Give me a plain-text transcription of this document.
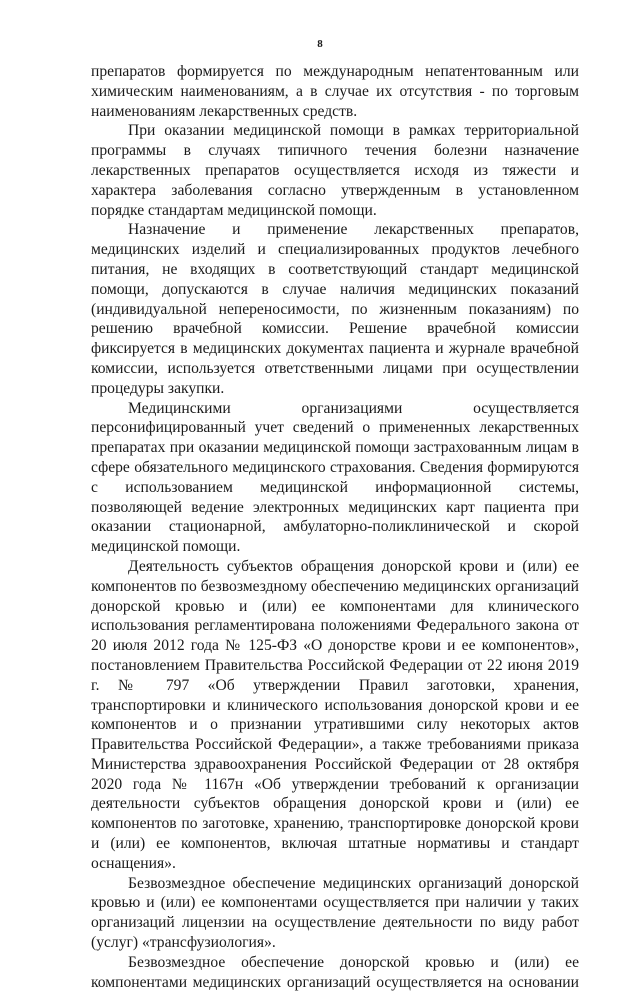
8

препаратов формируется по международным непатентованным или химическим наименованиям, а в случае их отсутствия - по торговым наименованиям лекарственных средств.

При оказании медицинской помощи в рамках территориальной программы в случаях типичного течения болезни назначение лекарственных препаратов осуществляется исходя из тяжести и характера заболевания согласно утвержденным в установленном порядке стандартам медицинской помощи.

Назначение и применение лекарственных препаратов, медицинских изделий и специализированных продуктов лечебного питания, не входящих в соответствующий стандарт медицинской помощи, допускаются в случае наличия медицинских показаний (индивидуальной непереносимости, по жизненным показаниям) по решению врачебной комиссии. Решение врачебной комиссии фиксируется в медицинских документах пациента и журнале врачебной комиссии, используется ответственными лицами при осуществлении процедуры закупки.

Медицинскими организациями осуществляется персонифицированный учет сведений о примененных лекарственных препаратах при оказании медицинской помощи застрахованным лицам в сфере обязательного медицинского страхования. Сведения формируются с использованием медицинской информационной системы, позволяющей ведение электронных медицинских карт пациента при оказании стационарной, амбулаторно-поликлинической и скорой медицинской помощи.

Деятельность субъектов обращения донорской крови и (или) ее компонентов по безвозмездному обеспечению медицинских организаций донорской кровью и (или) ее компонентами для клинического использования регламентирована положениями Федерального закона от 20 июля 2012 года № 125-ФЗ «О донорстве крови и ее компонентов», постановлением Правительства Российской Федерации от 22 июня 2019 г. № 797 «Об утверждении Правил заготовки, хранения, транспортировки и клинического использования донорской крови и ее компонентов и о признании утратившими силу некоторых актов Правительства Российской Федерации», а также требованиями приказа Министерства здравоохранения Российской Федерации от 28 октября 2020 года № 1167н «Об утверждении требований к организации деятельности субъектов обращения донорской крови и (или) ее компонентов по заготовке, хранению, транспортировке донорской крови и (или) ее компонентов, включая штатные нормативы и стандарт оснащения».

Безвозмездное обеспечение медицинских организаций донорской кровью и (или) ее компонентами осуществляется при наличии у таких организаций лицензии на осуществление деятельности по виду работ (услуг) «трансфузиология».

Безвозмездное обеспечение донорской кровью и (или) ее компонентами медицинских организаций осуществляется на основании
